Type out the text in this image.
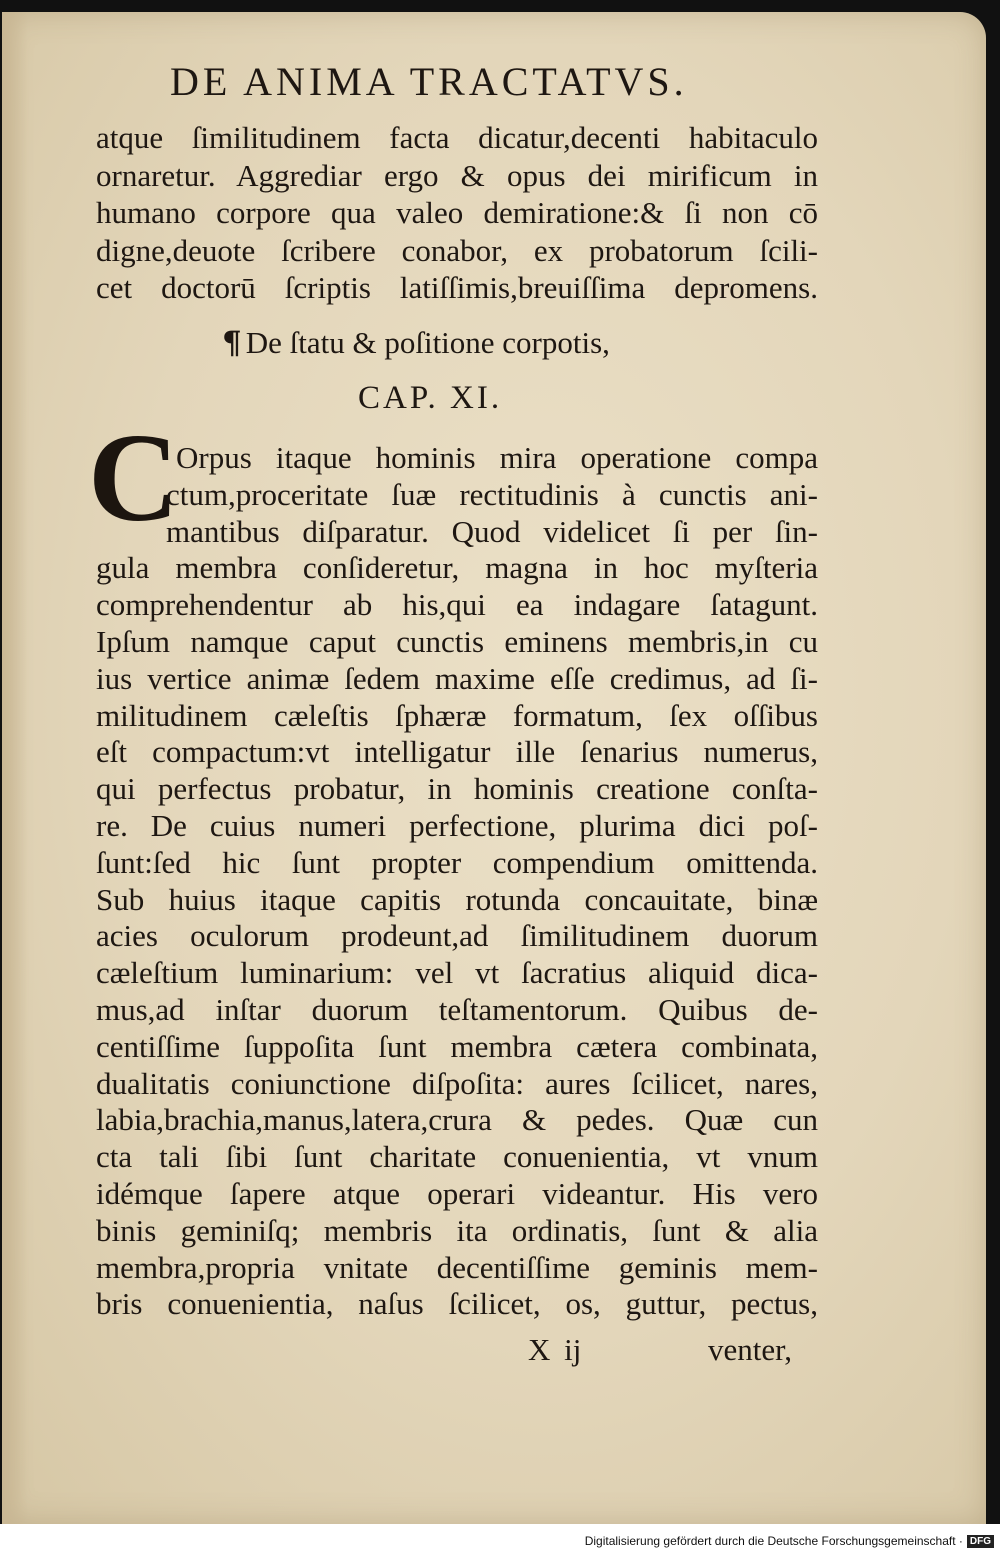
DE ANIMA TRACTATVS.
atque ſimilitudinem facta dicatur,decenti habitaculo
ornaretur. Aggrediar ergo & opus dei mirificum in
humano corpore qua valeo demiratione:& ſi non cō
digne,deuote ſcribere conabor, ex probatorum ſcili-
cet doctorū ſcriptis latiſſimis,breuiſſima depromens.
¶ De ſtatu & poſitione corpotis,
CAP. XI.
C
Orpus itaque hominis mira operatione compa
ctum,proceritate ſuæ rectitudinis à cunctis ani-
mantibus diſparatur. Quod videlicet ſi per ſin-
gula membra conſideretur, magna in hoc myſteria
comprehendentur ab his,qui ea indagare ſatagunt.
Ipſum namque caput cunctis eminens membris,in cu
ius vertice animæ ſedem maxime eſſe credimus, ad ſi-
militudinem cæleſtis ſphæræ formatum, ſex oſſibus
eſt compactum:vt intelligatur ille ſenarius numerus,
qui perfectus probatur, in hominis creatione conſta-
re. De cuius numeri perfectione, plurima dici poſ-
ſunt:ſed hic ſunt propter compendium omittenda.
Sub huius itaque capitis rotunda concauitate, binæ
acies oculorum prodeunt,ad ſimilitudinem duorum
cæleſtium luminarium: vel vt ſacratius aliquid dica-
mus,ad inſtar duorum teſtamentorum. Quibus de-
centiſſime ſuppoſita ſunt membra cætera combinata,
dualitatis coniunctione diſpoſita: aures ſcilicet, nares,
labia,brachia,manus,latera,crura & pedes. Quæ cun
cta tali ſibi ſunt charitate conuenientia, vt vnum
idémque ſapere atque operari videantur. His vero
binis geminiſq; membris ita ordinatis, ſunt & alia
membra,propria vnitate decentiſſime geminis mem-
bris conuenientia, naſus ſcilicet, os, guttur, pectus,
X ij	venter,
Digitalisierung gefördert durch die Deutsche Forschungsgemeinschaft · DFG
